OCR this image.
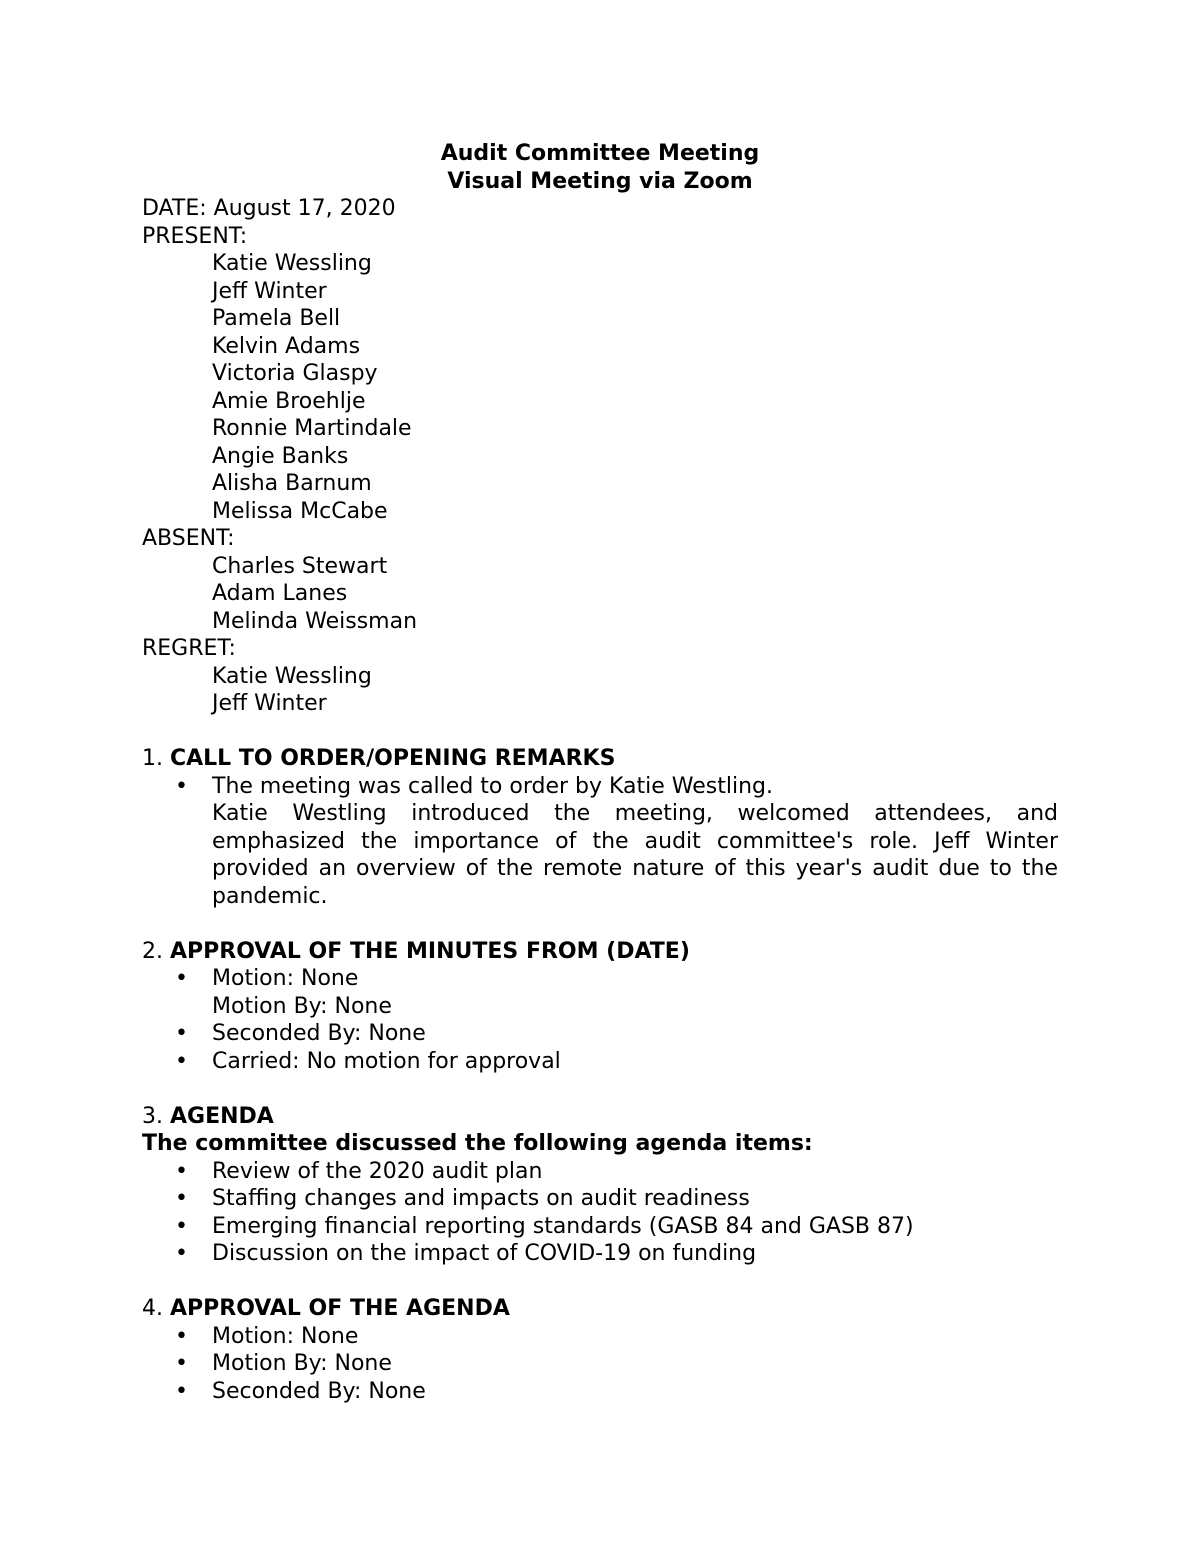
Audit Committee Meeting
Visual Meeting via Zoom
DATE: August 17, 2020
PRESENT:
Katie Wessling
Jeff Winter
Pamela Bell
Kelvin Adams
Victoria Glaspy
Amie Broehlje
Ronnie Martindale
Angie Banks
Alisha Barnum
Melissa McCabe
ABSENT:
Charles Stewart
Adam Lanes
Melinda Weissman
REGRET:
Katie Wessling
Jeff Winter
1. CALL TO ORDER/OPENING REMARKS
• The meeting was called to order by Katie Westling.
Katie Westling introduced the meeting, welcomed attendees, and emphasized the importance of the audit committee's role. Jeff Winter provided an overview of the remote nature of this year's audit due to the pandemic.
2. APPROVAL OF THE MINUTES FROM (DATE)
• Motion: None
Motion By: None
• Seconded By: None
• Carried: No motion for approval
3. AGENDA
The committee discussed the following agenda items:
• Review of the 2020 audit plan
• Staffing changes and impacts on audit readiness
• Emerging financial reporting standards (GASB 84 and GASB 87)
• Discussion on the impact of COVID-19 on funding
4. APPROVAL OF THE AGENDA
• Motion: None
• Motion By: None
• Seconded By: None
